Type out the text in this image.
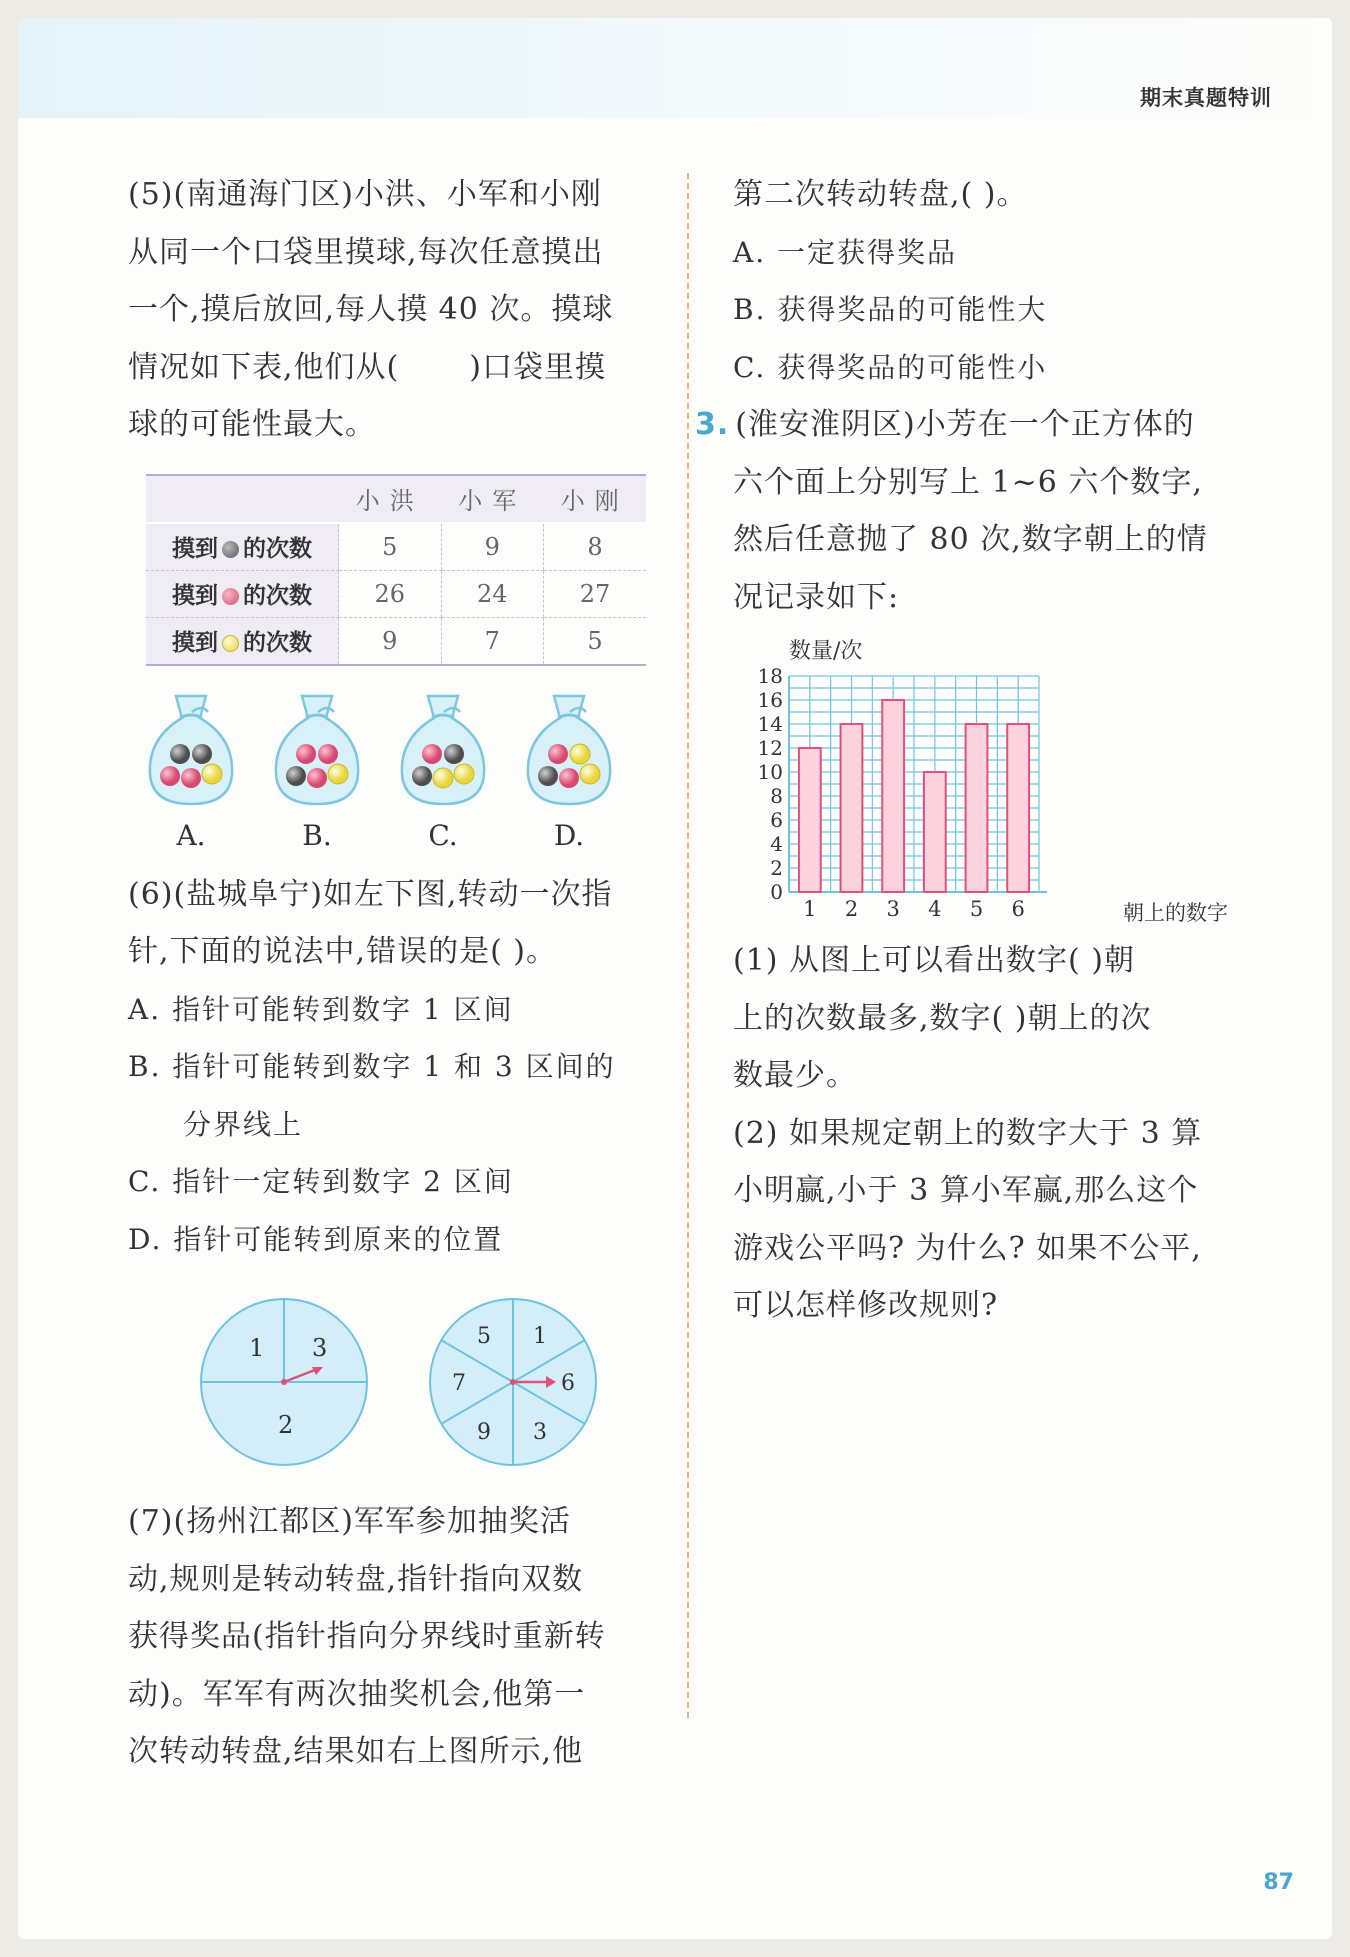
期末真题特训

(5)(南通海门区)小洪、小军和小刚

从同一个口袋里摸球,每次任意摸出

一个,摸后放回,每人摸 40 次。摸球

情况如下表,他们从( )口袋里摸

球的可能性最大。

	小洪	小军	小刚
摸到 的次数	5	9	8
摸到 的次数	26	24	27
摸到 的次数	9	7	5
A.	B.	C.	D.

(6)(盐城阜宁)如左下图,转动一次指

针,下面的说法中,错误的是( )。

A. 指针可能转到数字 1 区间

B. 指针可能转到数字 1 和 3 区间的

分界线上

C. 指针一定转到数字 2 区间

D. 指针可能转到原来的位置

1 3
2
5 1
7	6
9 3

(7)(扬州江都区)军军参加抽奖活

动,规则是转动转盘,指针指向双数

获得奖品(指针指向分界线时重新转

动)。军军有两次抽奖机会,他第一

次转动转盘,结果如右上图所示,他

第二次转动转盘,( )。

A. 一定获得奖品

B. 获得奖品的可能性大

C. 获得奖品的可能性小

3. (淮安淮阴区)小芳在一个正方体的

六个面上分别写上 1~6 六个数字,

然后任意抛了 80 次,数字朝上的情

况记录如下:

数量/次
朝上的数字
0
2
4
6
8
10
12
14
16
18
1 2 3 4 5 6

(1) 从图上可以看出数字( )朝

上的次数最多,数字( )朝上的次

数最少。

(2) 如果规定朝上的数字大于 3 算

小明赢,小于 3 算小军赢,那么这个

游戏公平吗? 为什么? 如果不公平,

可以怎样修改规则?

87
